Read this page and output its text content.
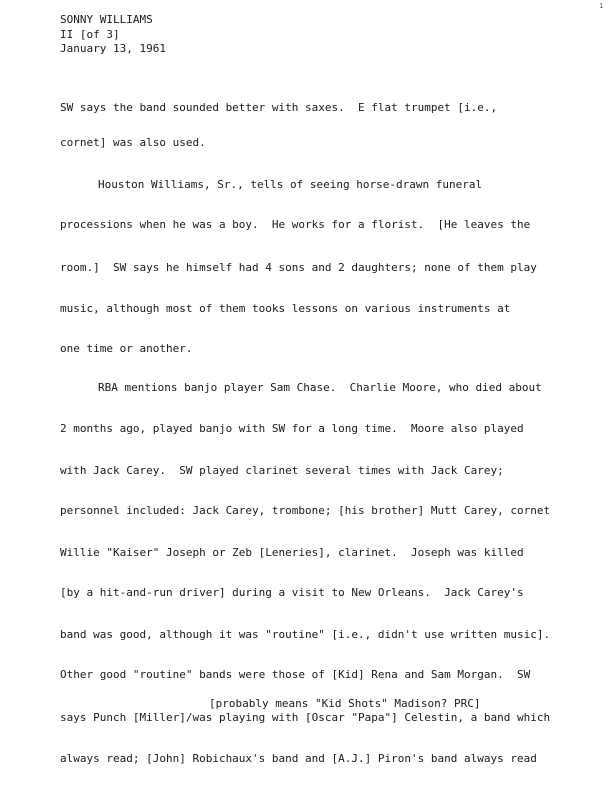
1
SONNY WILLIAMS
II [of 3]
January 13, 1961
SW says the band sounded better with saxes.  E flat trumpet [i.e.,
cornet] was also used.
Houston Williams, Sr., tells of seeing horse-drawn funeral
processions when he was a boy.  He works for a florist.  [He leaves the
room.]  SW says he himself had 4 sons and 2 daughters; none of them play
music, although most of them tooks lessons on various instruments at
one time or another.
RBA mentions banjo player Sam Chase.  Charlie Moore, who died about
2 months ago, played banjo with SW for a long time.  Moore also played
with Jack Carey.  SW played clarinet several times with Jack Carey;
personnel included: Jack Carey, trombone; [his brother] Mutt Carey, cornet
Willie "Kaiser" Joseph or Zeb [Leneries], clarinet.  Joseph was killed
[by a hit-and-run driver] during a visit to New Orleans.  Jack Carey's
band was good, although it was "routine" [i.e., didn't use written music].
Other good "routine" bands were those of [Kid] Rena and Sam Morgan.  SW
[probably means "Kid Shots" Madison? PRC]
says Punch [Miller]/was playing with [Oscar "Papa"] Celestin, a band which
always read; [John] Robichaux's band and [A.J.] Piron's band always read
